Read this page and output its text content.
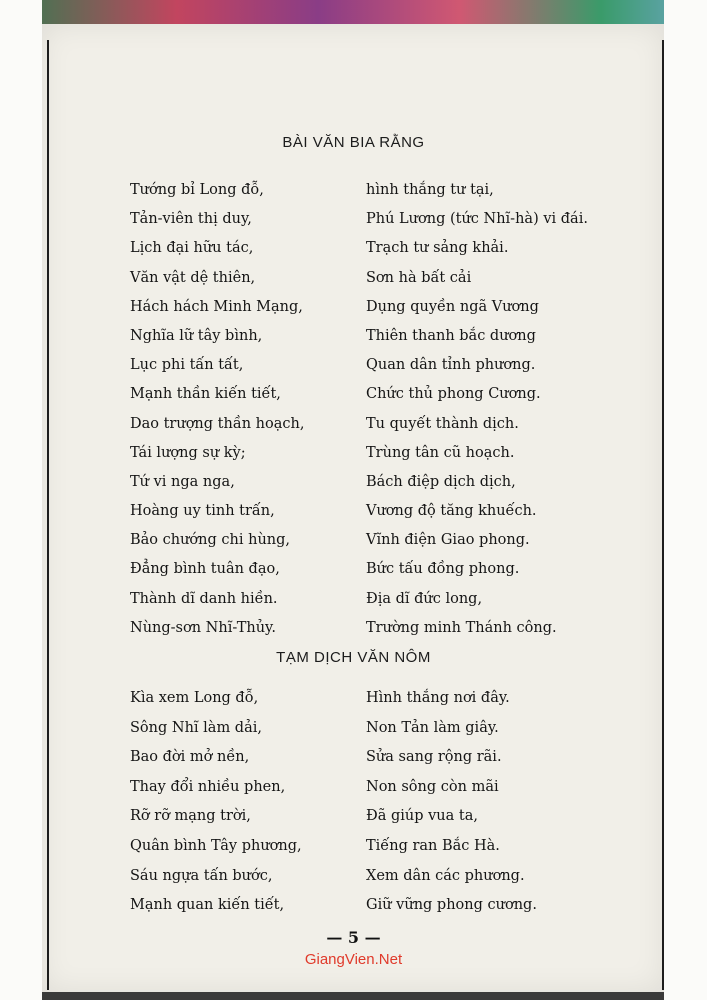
BÀI VĂN BIA RẰNG
Tướng bỉ Long đỗ,
Tản-viên thị duy,
Lịch đại hữu tác,
Văn vật dệ thiên,
Hách hách Minh Mạng,
Nghĩa lữ tây bình,
Lục phi tấn tất,
Mạnh thần kiến tiết,
Dao trượng thần hoạch,
Tái lượng sự kỳ;
Tứ vi nga nga,
Hoàng uy tinh trấn,
Bảo chướng chi hùng,
Đẳng bình tuân đạo,
Thành dĩ danh hiền.
Nùng-sơn Nhĩ-Thủy.
hình thắng tư tại,
Phú Lương (tức Nhĩ-hà) vi đái.
Trạch tư sảng khải.
Sơn hà bất cải
Dụng quyền ngã Vương
Thiên thanh bắc dương
Quan dân tỉnh phương.
Chức thủ phong Cương.
Tu quyết thành dịch.
Trùng tân cũ hoạch.
Bách điệp dịch dịch,
Vương độ tăng khuếch.
Vĩnh điện Giao phong.
Bức tấu đồng phong.
Địa dĩ đức long,
Trường minh Thánh công.
TẠM DỊCH VĂN NÔM
Kìa xem Long đỗ,
Sông Nhĩ làm dải,
Bao đời mở nền,
Thay đổi nhiều phen,
Rỡ rỡ mạng trời,
Quân bình Tây phương,
Sáu ngựa tấn bước,
Mạnh quan kiến tiết,
Hình thắng nơi đây.
Non Tản làm giây.
Sửa sang rộng rãi.
Non sông còn mãi
Đã giúp vua ta,
Tiếng ran Bắc Hà.
Xem dân các phương.
Giữ vững phong cương.
— 5 —
GiangVien.Net
